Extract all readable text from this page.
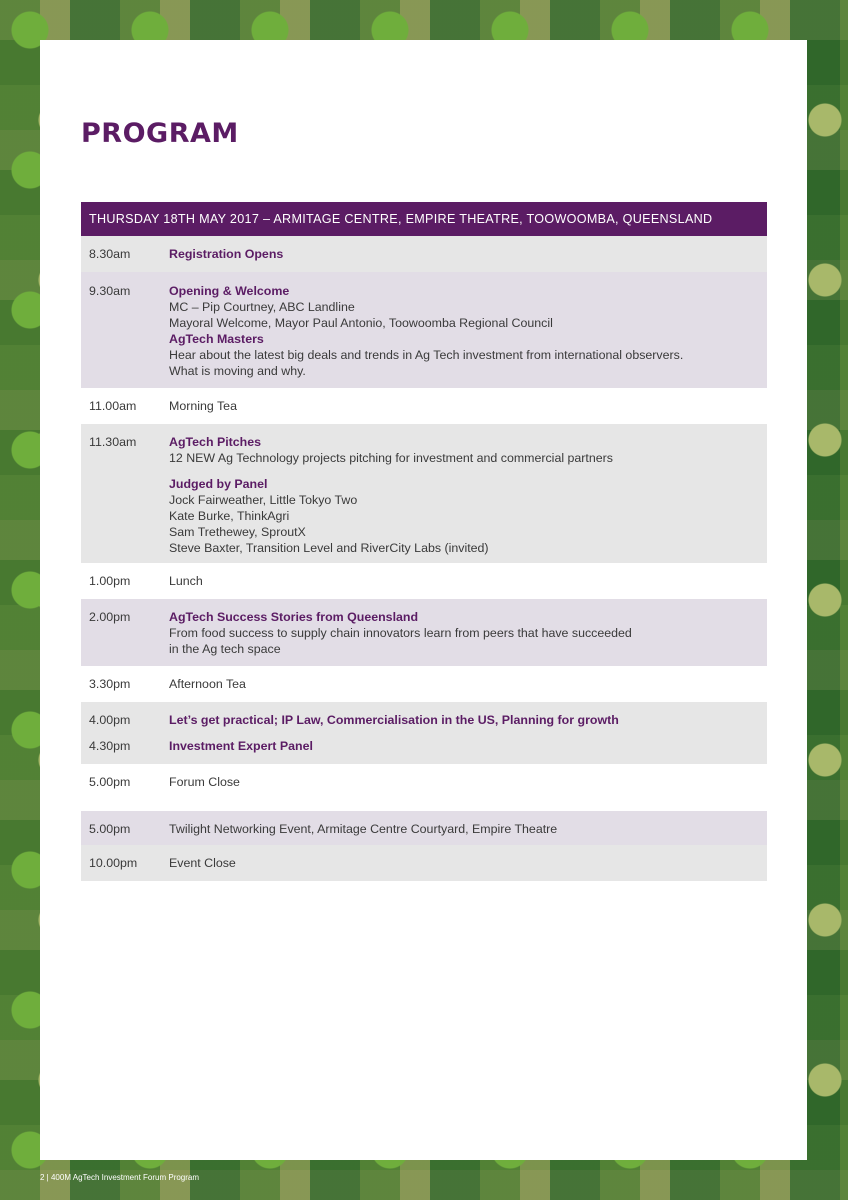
PROGRAM
THURSDAY 18TH MAY 2017 – ARMITAGE CENTRE, EMPIRE THEATRE, TOOWOOMBA, QUEENSLAND
8.30am	Registration Opens
9.30am	Opening & Welcome
MC – Pip Courtney, ABC Landline
Mayoral Welcome, Mayor Paul Antonio, Toowoomba Regional Council
AgTech Masters
Hear about the latest big deals and trends in Ag Tech investment from international observers.
What is moving and why.
11.00am	Morning Tea
11.30am	AgTech Pitches
12 NEW Ag Technology projects pitching for investment and commercial partners
Judged by Panel
Jock Fairweather, Little Tokyo Two
Kate Burke, ThinkAgri
Sam Trethewey, SproutX
Steve Baxter, Transition Level and RiverCity Labs (invited)
1.00pm	Lunch
2.00pm	AgTech Success Stories from Queensland
From food success to supply chain innovators learn from peers that have succeeded
in the Ag tech space
3.30pm	Afternoon Tea
4.00pm	Let’s get practical; IP Law, Commercialisation in the US, Planning for growth
4.30pm	Investment Expert Panel
5.00pm	Forum Close
5.00pm	Twilight Networking Event, Armitage Centre Courtyard, Empire Theatre
10.00pm	Event Close
2 | 400M AgTech Investment Forum Program
